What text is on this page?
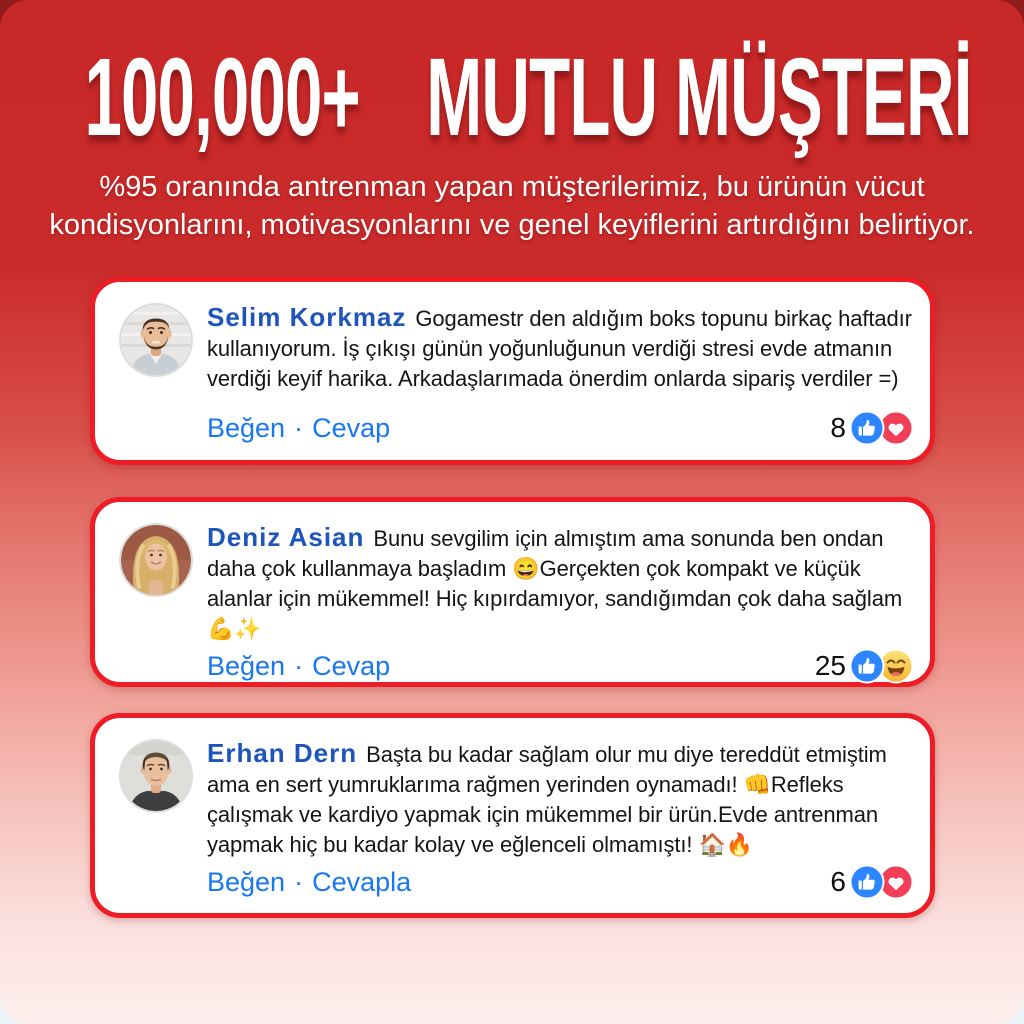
100,000+ MUTLU MÜŞTERİ
%95 oranında antrenman yapan müşterilerimiz, bu ürünün vücut kondisyonlarını, motivasyonlarını ve genel keyiflerini artırdığını belirtiyor.

Selim Korkmaz Gogamestr den aldığım boks topunu birkaç haftadır kullanıyorum. İş çıkışı günün yoğunluğunun verdiği stresi evde atmanın verdiği keyif harika. Arkadaşlarımada önerdim onlarda sipariş verdiler =)

Beğen · Cevap	8

Deniz Asian Bunu sevgilim için almıştım ama sonunda ben ondan daha çok kullanmaya başladım 😄Gerçekten çok kompakt ve küçük alanlar için mükemmel! Hiç kıpırdamıyor, sandığımdan çok daha sağlam 💪✨

Beğen · Cevap	25

Erhan Dern Başta bu kadar sağlam olur mu diye tereddüt etmiştim ama en sert yumruklarıma rağmen yerinden oynamadı! 👊Refleks çalışmak ve kardiyo yapmak için mükemmel bir ürün.Evde antrenman yapmak hiç bu kadar kolay ve eğlenceli olmamıştı! 🏠🔥

Beğen · Cevapla	6
